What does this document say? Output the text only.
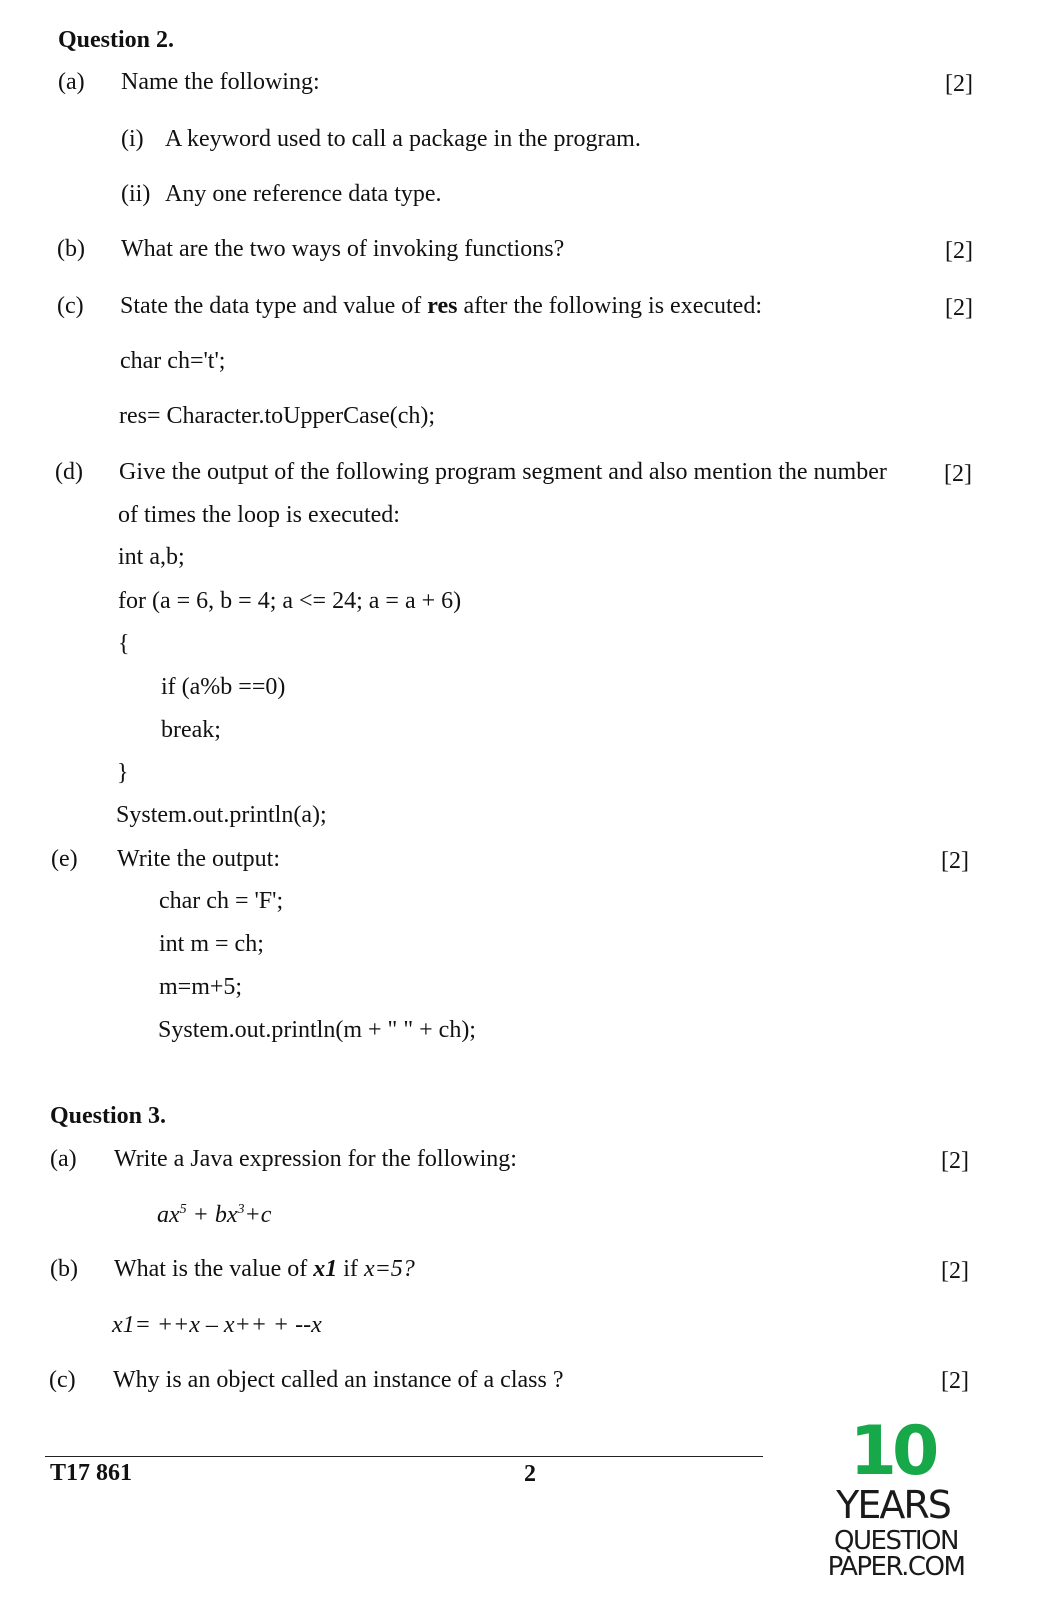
Question 2.
(a) Name the following:	[2]
(i) A keyword used to call a package in the program.
(ii) Any one reference data type.
(b) What are the two ways of invoking functions?	[2]
(c) State the data type and value of res after the following is executed:	[2]
char ch='t';
res= Character.toUpperCase(ch);
(d) Give the output of the following program segment and also mention the number [2]
of times the loop is executed:
int a,b;
for (a = 6, b = 4; a <= 24; a = a + 6)
{
if (a%b ==0)
break;
}
System.out.println(a);
(e) Write the output:	[2]
char ch = 'F';
int m = ch;
m=m+5;
System.out.println(m + " " + ch);
Question 3.
(a) Write a Java expression for the following:	[2]
$ax^5 + bx^3+c$
(b) What is the value of x1 if x=5?	[2]
x1= ++x – x++ + --x
(c) Why is an object called an instance of a class ?	[2]
T17 861	2	10
YEARS
QUESTION PAPER.COM
